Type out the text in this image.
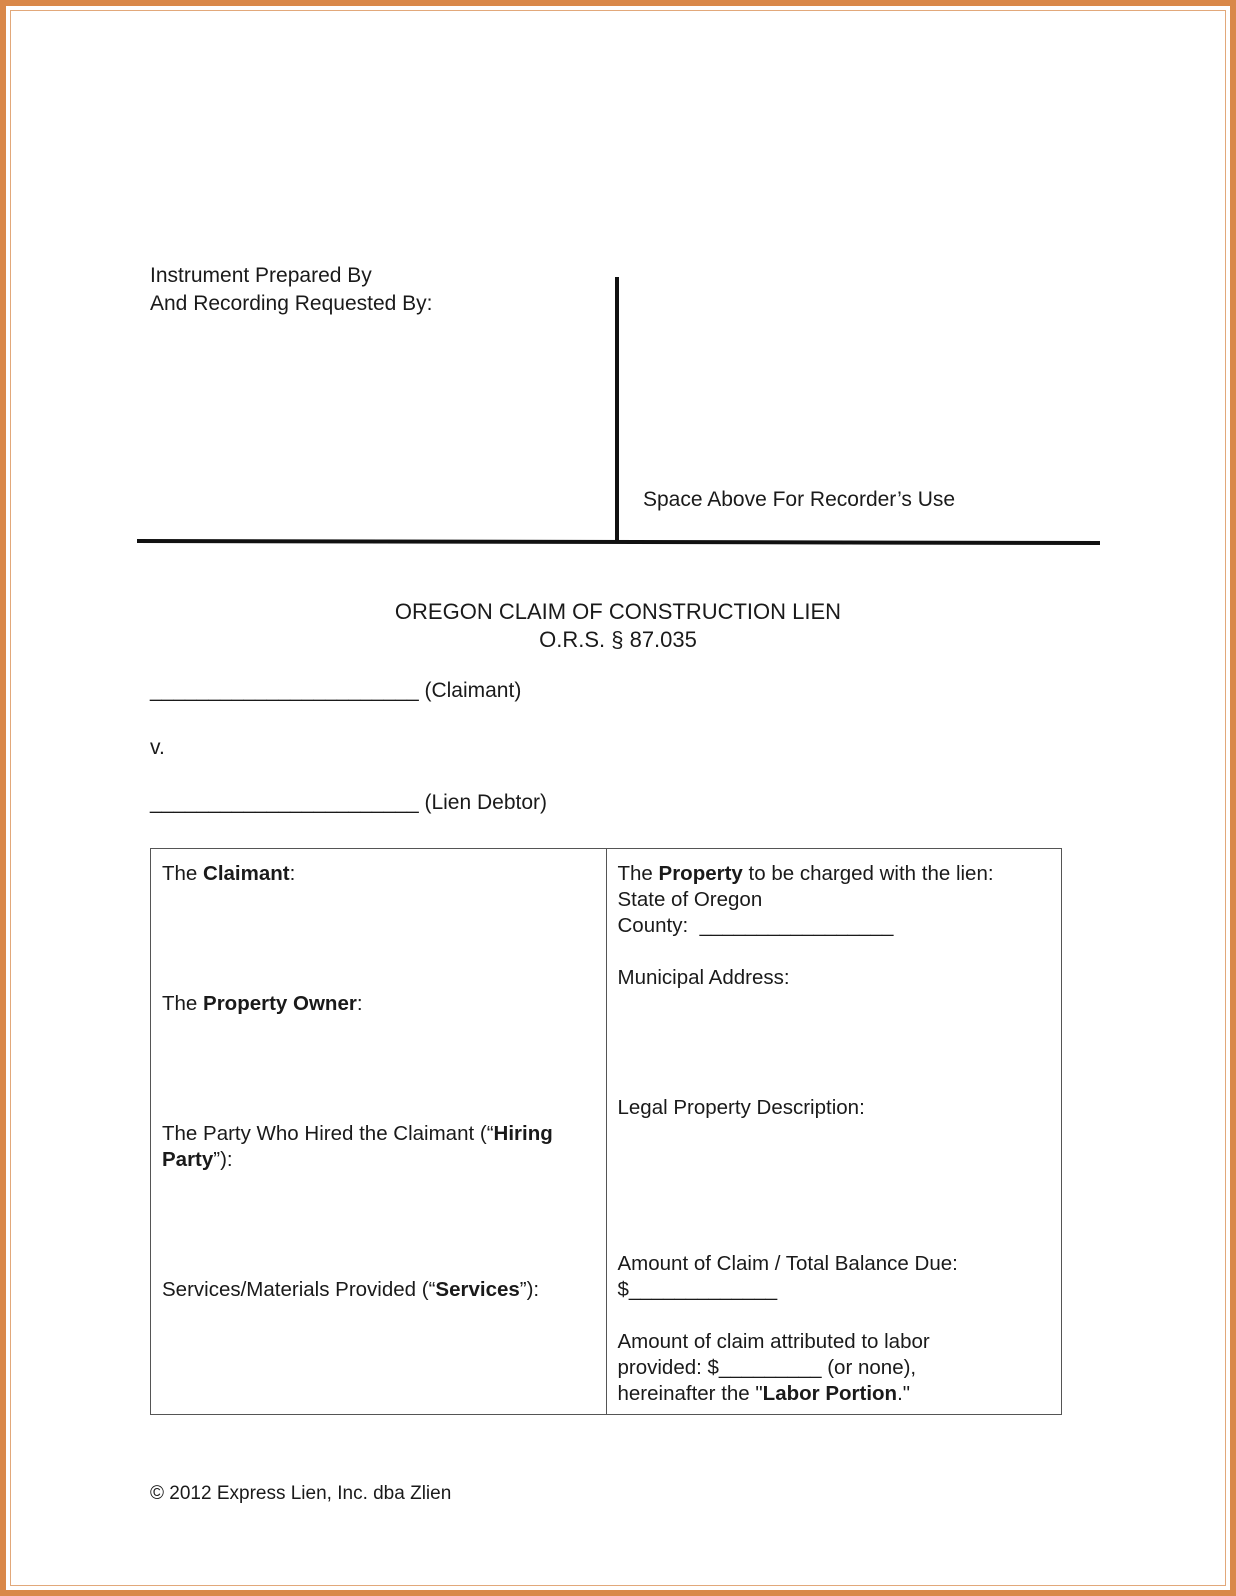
Instrument Prepared By
And Recording Requested By:
Space Above For Recorder’s Use
OREGON CLAIM OF CONSTRUCTION LIEN
O.R.S. § 87.035
_______________________ (Claimant)
v.
_______________________ (Lien Debtor)
The Claimant:
The Property Owner:
The Party Who Hired the Claimant (“Hiring
Party”):
Services/Materials Provided (“Services”):

The Property to be charged with the lien:
State of Oregon
County: _________________
Municipal Address:
Legal Property Description:
Amount of Claim / Total Balance Due:
$_____________
Amount of claim attributed to labor
provided: $_________ (or none),
hereinafter the "Labor Portion."
© 2012 Express Lien, Inc. dba Zlien
